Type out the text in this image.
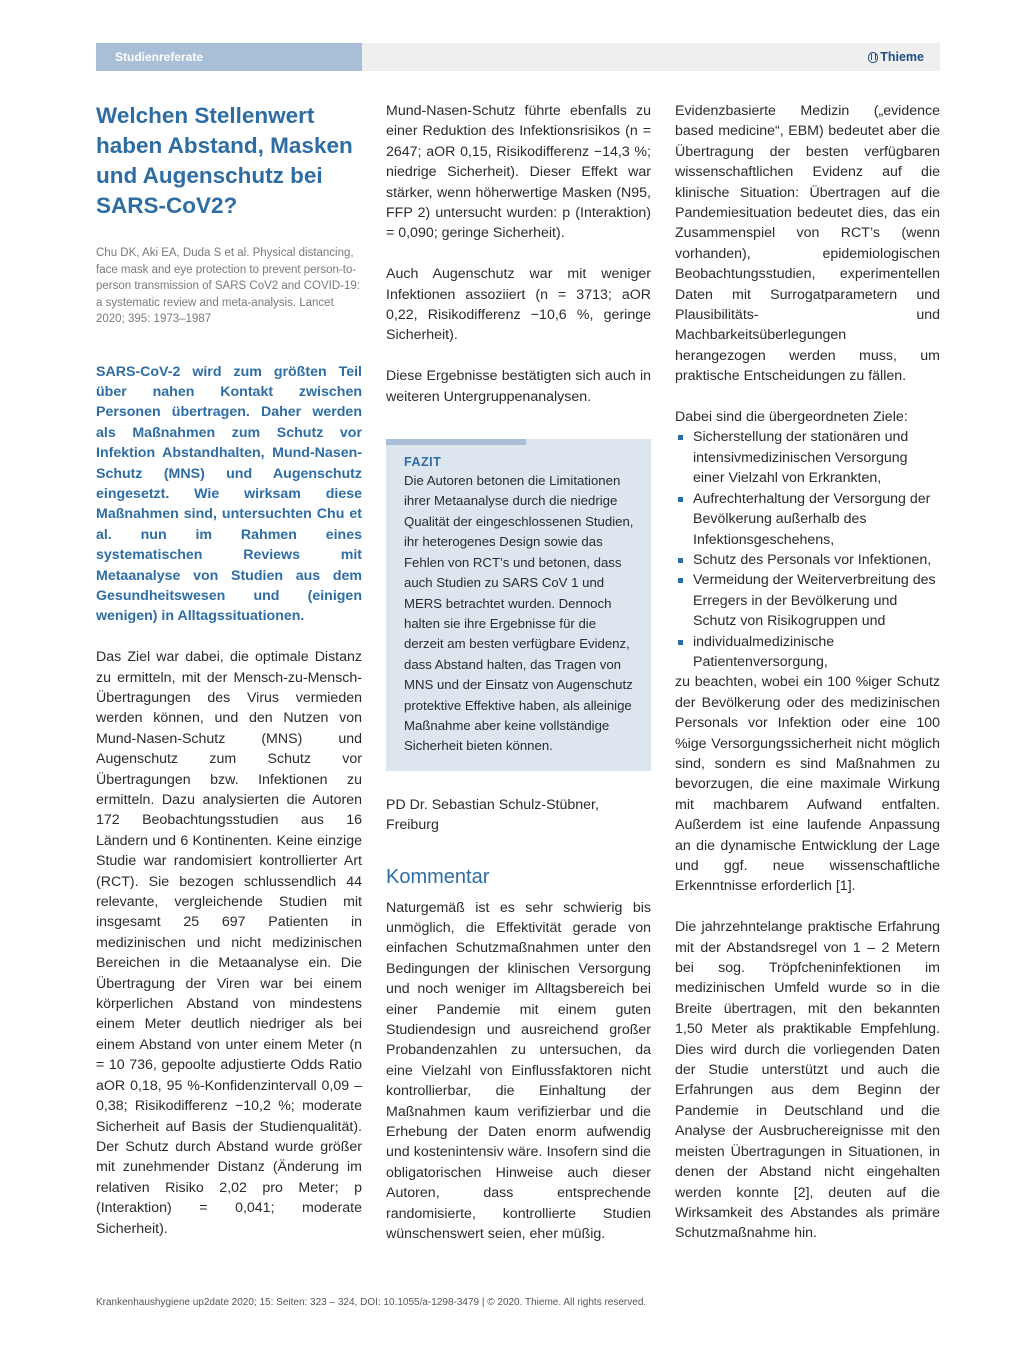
Studienreferate	Thieme
Welchen Stellenwert haben Abstand, Masken und Augenschutz bei SARS-CoV2?

Chu DK, Aki EA, Duda S et al. Physical distancing, face mask and eye protection to prevent person-to-person transmission of SARS CoV2 and COVID-19: a systematic review and meta-analysis. Lancet 2020; 395: 1973–1987

SARS-CoV-2 wird zum größten Teil über nahen Kontakt zwischen Personen übertragen. Daher werden als Maßnahmen zum Schutz vor Infektion Abstandhalten, Mund-Nasen-Schutz (MNS) und Augenschutz eingesetzt. Wie wirksam diese Maßnahmen sind, untersuchten Chu et al. nun im Rahmen eines systematischen Reviews mit Metaanalyse von Studien aus dem Gesundheitswesen und (einigen wenigen) in Alltagssituationen.

Das Ziel war dabei, die optimale Distanz zu ermitteln, mit der Mensch-zu-Mensch-Übertragungen des Virus vermieden werden können, und den Nutzen von Mund-Nasen-Schutz (MNS) und Augenschutz zum Schutz vor Übertragungen bzw. Infektionen zu ermitteln. Dazu analysierten die Autoren 172 Beobachtungsstudien aus 16 Ländern und 6 Kontinenten. Keine einzige Studie war randomisiert kontrollierter Art (RCT). Sie bezogen schlussendlich 44 relevante, vergleichende Studien mit insgesamt 25 697 Patienten in medizinischen und nicht medizinischen Bereichen in die Metaanalyse ein. Die Übertragung der Viren war bei einem körperlichen Abstand von mindestens einem Meter deutlich niedriger als bei einem Abstand von unter einem Meter (n = 10 736, gepoolte adjustierte Odds Ratio aOR 0,18, 95 %-Konfidenzintervall 0,09 – 0,38; Risikodifferenz −10,2 %; moderate Sicherheit auf Basis der Studienqualität). Der Schutz durch Abstand wurde größer mit zunehmender Distanz (Änderung im relativen Risiko 2,02 pro Meter; p (Interaktion) = 0,041; moderate Sicherheit).

Mund-Nasen-Schutz führte ebenfalls zu einer Reduktion des Infektionsrisikos (n = 2647; aOR 0,15, Risikodifferenz −14,3 %; niedrige Sicherheit). Dieser Effekt war stärker, wenn höherwertige Masken (N95, FFP 2) untersucht wurden: p (Interaktion) = 0,090; geringe Sicherheit).

Auch Augenschutz war mit weniger Infektionen assoziiert (n = 3713; aOR 0,22, Risikodifferenz −10,6 %, geringe Sicherheit).

Diese Ergebnisse bestätigten sich auch in weiteren Untergruppenanalysen.

FAZIT

Die Autoren betonen die Limitationen ihrer Metaanalyse durch die niedrige Qualität der eingeschlossenen Studien, ihr heterogenes Design sowie das Fehlen von RCT’s und betonen, dass auch Studien zu SARS CoV 1 und MERS betrachtet wurden. Dennoch halten sie ihre Ergebnisse für die derzeit am besten verfügbare Evidenz, dass Abstand halten, das Tragen von MNS und der Einsatz von Augenschutz protektive Effektive haben, als alleinige Maßnahme aber keine vollständige Sicherheit bieten können.

PD Dr. Sebastian Schulz-Stübner, Freiburg
Kommentar

Naturgemäß ist es sehr schwierig bis unmöglich, die Effektivität gerade von einfachen Schutzmaßnahmen unter den Bedingungen der klinischen Versorgung und noch weniger im Alltagsbereich bei einer Pandemie mit einem guten Studiendesign und ausreichend großer Probandenzahlen zu untersuchen, da eine Vielzahl von Einflussfaktoren nicht kontrollierbar, die Einhaltung der Maßnahmen kaum verifizierbar und die Erhebung der Daten enorm aufwendig und kostenintensiv wäre. Insofern sind die obligatorischen Hinweise auch dieser Autoren, dass entsprechende randomisierte, kontrollierte Studien wünschenswert seien, eher müßig.

Evidenzbasierte Medizin („evidence based medicine“, EBM) bedeutet aber die Übertragung der besten verfügbaren wissenschaftlichen Evidenz auf die klinische Situation: Übertragen auf die Pandemiesituation bedeutet dies, das ein Zusammenspiel von RCT’s (wenn vorhanden), epidemiologischen Beobachtungsstudien, experimentellen Daten mit Surrogatparametern und Plausibilitäts- und Machbarkeitsüberlegungen herangezogen werden muss, um praktische Entscheidungen zu fällen.

Dabei sind die übergeordneten Ziele:

Sicherstellung der stationären und intensivmedizinischen Versorgung einer Vielzahl von Erkrankten,
Aufrechterhaltung der Versorgung der Bevölkerung außerhalb des Infektionsgeschehens,
Schutz des Personals vor Infektionen,
Vermeidung der Weiterverbreitung des Erregers in der Bevölkerung und Schutz von Risikogruppen und
individualmedizinische Patientenversorgung,

zu beachten, wobei ein 100 %iger Schutz der Bevölkerung oder des medizinischen Personals vor Infektion oder eine 100 %ige Versorgungssicherheit nicht möglich sind, sondern es sind Maßnahmen zu bevorzugen, die eine maximale Wirkung mit machbarem Aufwand entfalten. Außerdem ist eine laufende Anpassung an die dynamische Entwicklung der Lage und ggf. neue wissenschaftliche Erkenntnisse erforderlich [1].

Die jahrzehntelange praktische Erfahrung mit der Abstandsregel von 1 – 2 Metern bei sog. Tröpfcheninfektionen im medizinischen Umfeld wurde so in die Breite übertragen, mit den bekannten 1,50 Meter als praktikable Empfehlung. Dies wird durch die vorliegenden Daten der Studie unterstützt und auch die Erfahrungen aus dem Beginn der Pandemie in Deutschland und die Analyse der Ausbruchereignisse mit den meisten Übertragungen in Situationen, in denen der Abstand nicht eingehalten werden konnte [2], deuten auf die Wirksamkeit des Abstandes als primäre Schutzmaßnahme hin.

Krankenhaushygiene up2date 2020; 15: Seiten: 323 – 324, DOI: 10.1055/a-1298-3479 | © 2020. Thieme. All rights reserved.
